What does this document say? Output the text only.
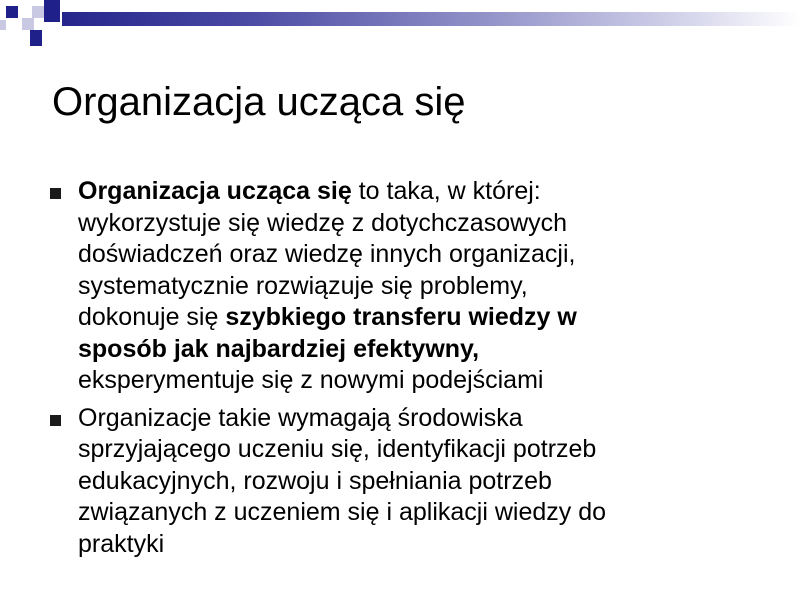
Organizacja ucząca się
Organizacja ucząca się to taka, w której:
wykorzystuje się wiedzę z dotychczasowych
doświadczeń oraz wiedzę innych organizacji,
systematycznie rozwiązuje się problemy,
dokonuje się szybkiego transferu wiedzy w
sposób jak najbardziej efektywny,
eksperymentuje się z nowymi podejściami
Organizacje takie wymagają środowiska
sprzyjającego uczeniu się, identyfikacji potrzeb
edukacyjnych, rozwoju i spełniania potrzeb
związanych z uczeniem się i aplikacji wiedzy do
praktyki
